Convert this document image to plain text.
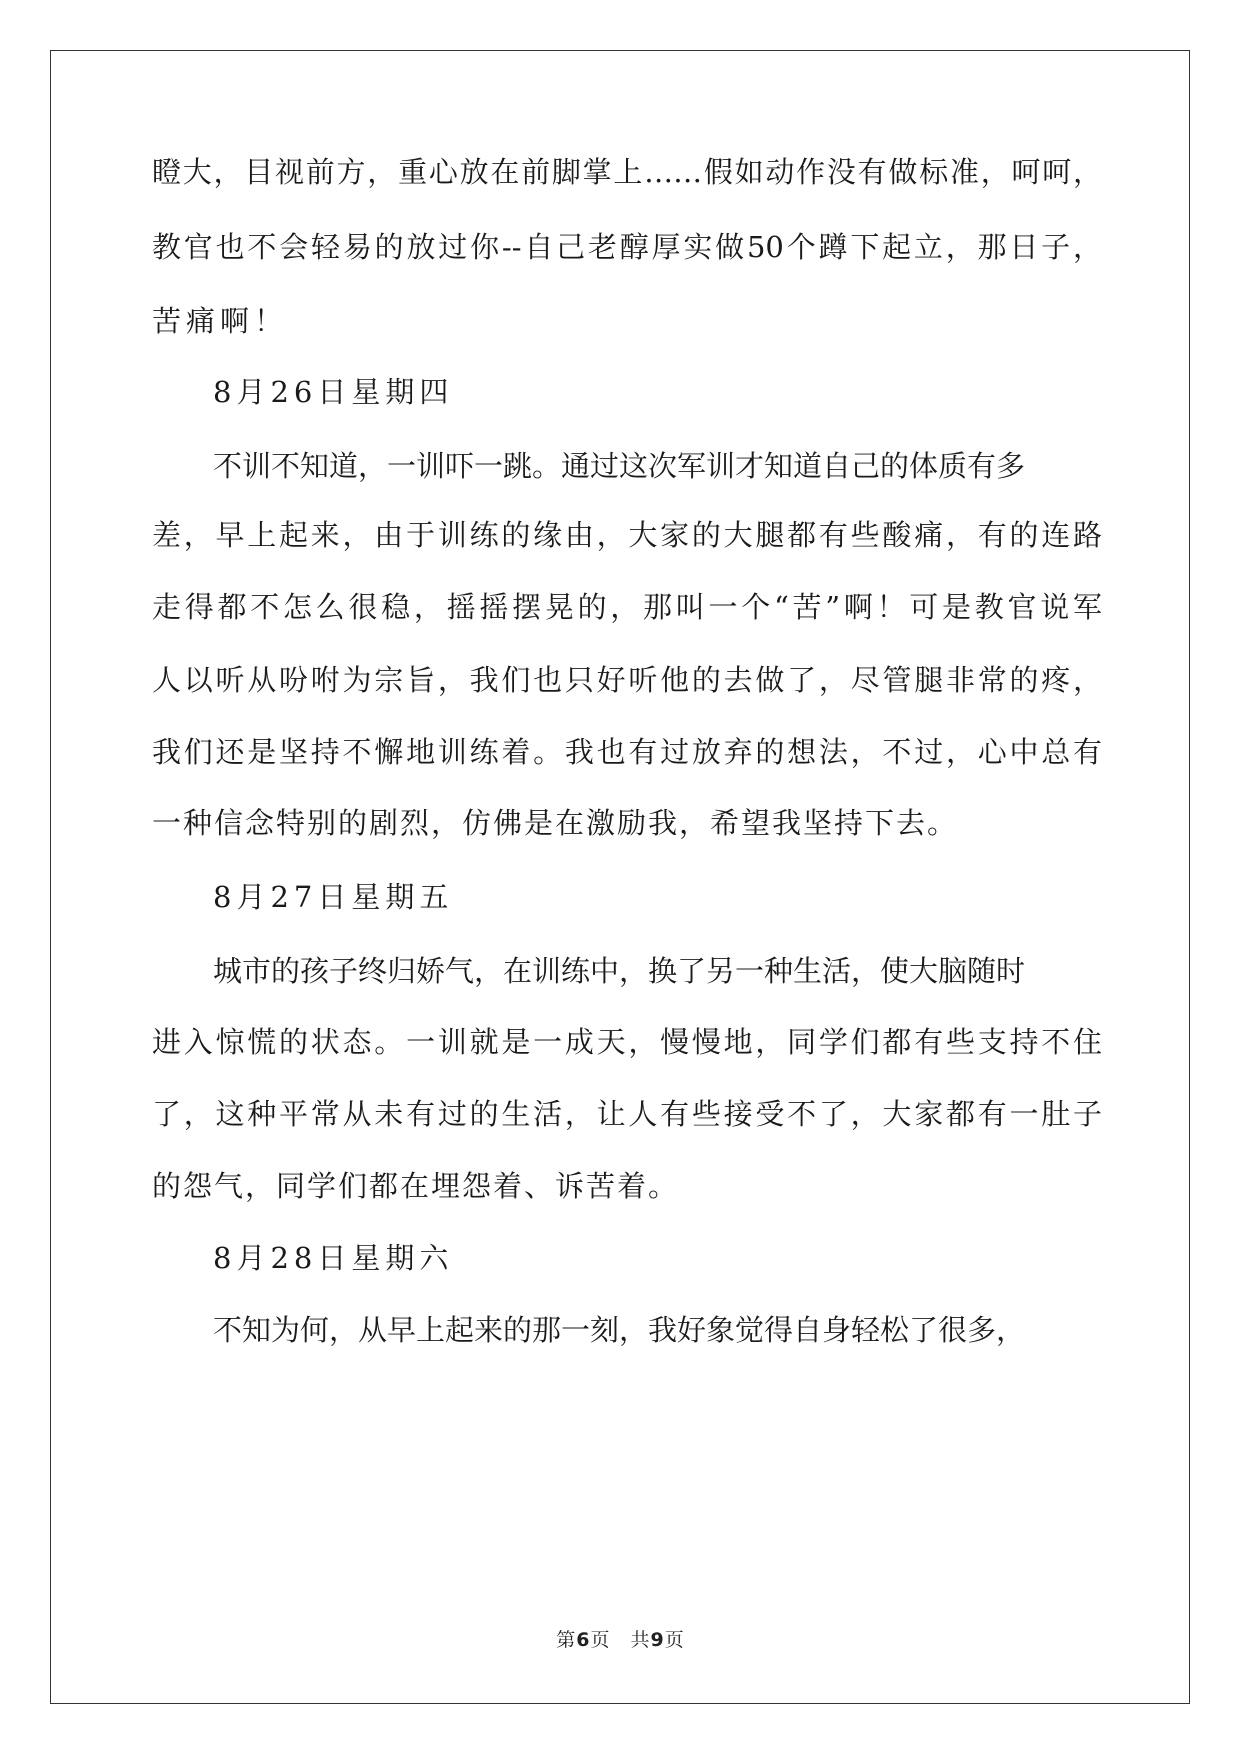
瞪大，目视前方，重心放在前脚掌上……假如动作没有做标准，呵呵，
教官也不会轻易的放过你--自己老醇厚实做50个蹲下起立，那日子，
苦痛啊！
8月26日星期四
不训不知道，一训吓一跳。通过这次军训才知道自己的体质有多
差，早上起来，由于训练的缘由，大家的大腿都有些酸痛，有的连路
走得都不怎么很稳，摇摇摆晃的，那叫一个“苦”啊！可是教官说军
人以听从吩咐为宗旨，我们也只好听他的去做了，尽管腿非常的疼，
我们还是坚持不懈地训练着。我也有过放弃的想法，不过，心中总有
一种信念特别的剧烈，仿佛是在激励我，希望我坚持下去。
8月27日星期五
城市的孩子终归娇气，在训练中，换了另一种生活，使大脑随时
进入惊慌的状态。一训就是一成天，慢慢地，同学们都有些支持不住
了，这种平常从未有过的生活，让人有些接受不了，大家都有一肚子
的怨气，同学们都在埋怨着、诉苦着。
8月28日星期六
不知为何，从早上起来的那一刻，我好象觉得自身轻松了很多，
第6页　共9页
